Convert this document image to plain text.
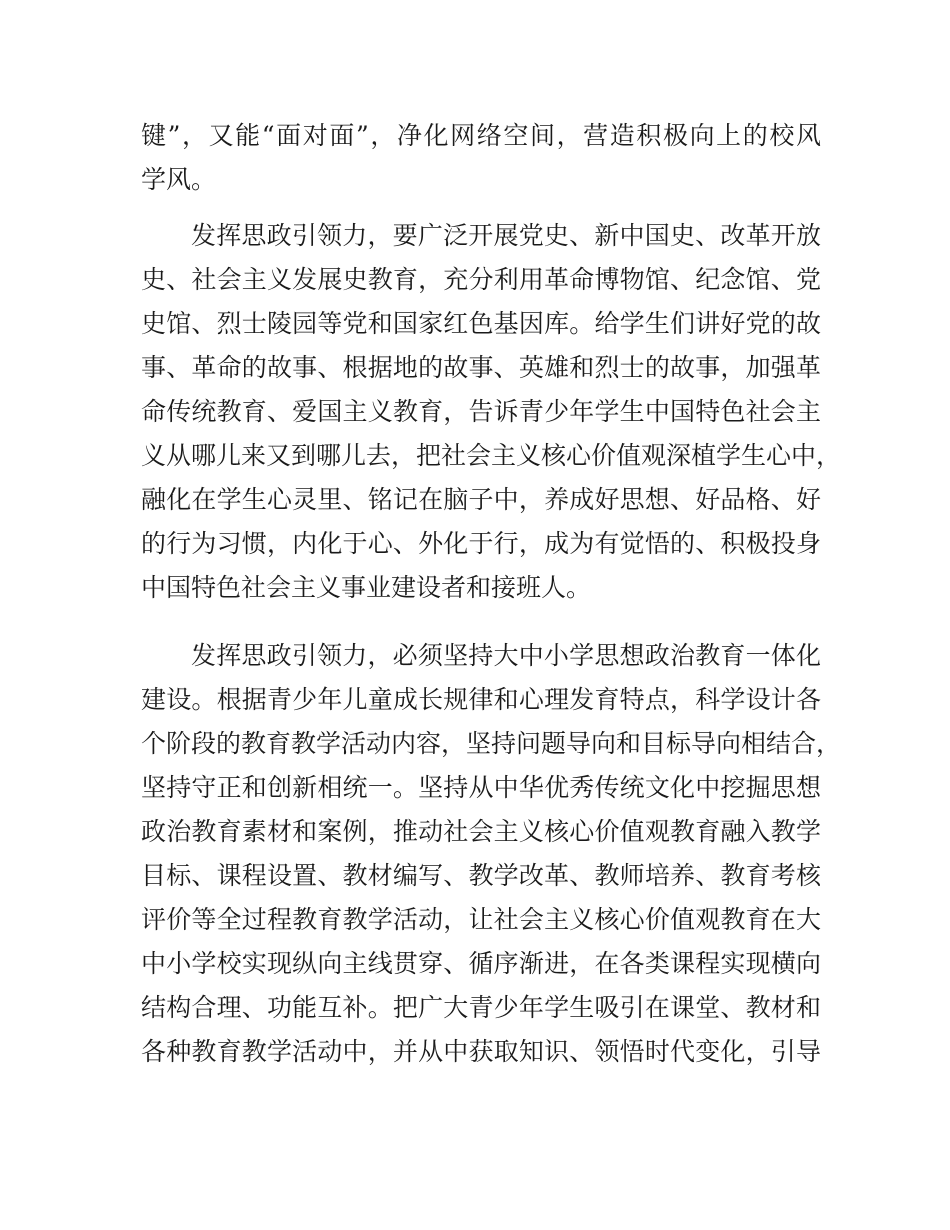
键”，又能“面对面”，净化网络空间，营造积极向上的校风
学风。
发挥思政引领力，要广泛开展党史、新中国史、改革开放
史、社会主义发展史教育，充分利用革命博物馆、纪念馆、党
史馆、烈士陵园等党和国家红色基因库。给学生们讲好党的故
事、革命的故事、根据地的故事、英雄和烈士的故事，加强革
命传统教育、爱国主义教育，告诉青少年学生中国特色社会主
义从哪儿来又到哪儿去，把社会主义核心价值观深植学生心中，
融化在学生心灵里、铭记在脑子中，养成好思想、好品格、好
的行为习惯，内化于心、外化于行，成为有觉悟的、积极投身
中国特色社会主义事业建设者和接班人。
发挥思政引领力，必须坚持大中小学思想政治教育一体化
建设。根据青少年儿童成长规律和心理发育特点，科学设计各
个阶段的教育教学活动内容，坚持问题导向和目标导向相结合，
坚持守正和创新相统一。坚持从中华优秀传统文化中挖掘思想
政治教育素材和案例，推动社会主义核心价值观教育融入教学
目标、课程设置、教材编写、教学改革、教师培养、教育考核
评价等全过程教育教学活动，让社会主义核心价值观教育在大
中小学校实现纵向主线贯穿、循序渐进，在各类课程实现横向
结构合理、功能互补。把广大青少年学生吸引在课堂、教材和
各种教育教学活动中，并从中获取知识、领悟时代变化，引导
